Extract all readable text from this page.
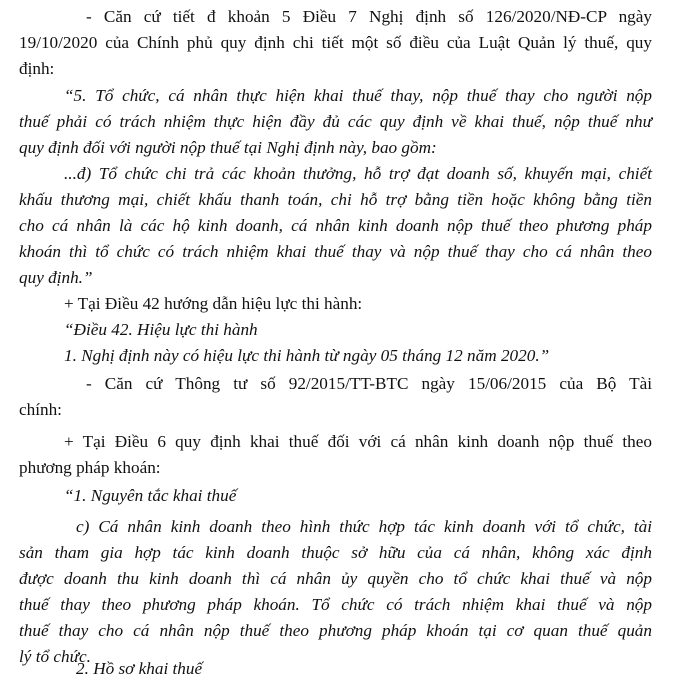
- Căn cứ tiết đ khoản 5 Điều 7 Nghị định số 126/2020/NĐ-CP ngày
19/10/2020 của Chính phủ quy định chi tiết một số điều của Luật Quản lý thuế, quy
định:
“5. Tổ chức, cá nhân thực hiện khai thuế thay, nộp thuế thay cho người nộp
thuế phải có trách nhiệm thực hiện đầy đủ các quy định về khai thuế, nộp thuế như
quy định đối với người nộp thuế tại Nghị định này, bao gồm:
...đ) Tổ chức chi trả các khoản thưởng, hỗ trợ đạt doanh số, khuyến mại, chiết
khấu thương mại, chiết khấu thanh toán, chi hỗ trợ bằng tiền hoặc không bằng tiền
cho cá nhân là các hộ kinh doanh, cá nhân kinh doanh nộp thuế theo phương pháp
khoán thì tổ chức có trách nhiệm khai thuế thay và nộp thuế thay cho cá nhân theo
quy định.”
+ Tại Điều 42 hướng dẫn hiệu lực thi hành:
“Điều 42. Hiệu lực thi hành
1. Nghị định này có hiệu lực thi hành từ ngày 05 tháng 12 năm 2020.”
- Căn cứ Thông tư số 92/2015/TT-BTC ngày 15/06/2015 của Bộ Tài
chính:
+ Tại Điều 6 quy định khai thuế đối với cá nhân kinh doanh nộp thuế theo
phương pháp khoán:
“1. Nguyên tắc khai thuế
c) Cá nhân kinh doanh theo hình thức hợp tác kinh doanh với tổ chức, tài
sản tham gia hợp tác kinh doanh thuộc sở hữu của cá nhân, không xác định
được doanh thu kinh doanh thì cá nhân ủy quyền cho tổ chức khai thuế và nộp
thuế thay theo phương pháp khoán. Tổ chức có trách nhiệm khai thuế và nộp
thuế thay cho cá nhân nộp thuế theo phương pháp khoán tại cơ quan thuế quản
lý tổ chức.
2. Hồ sơ khai thuế
